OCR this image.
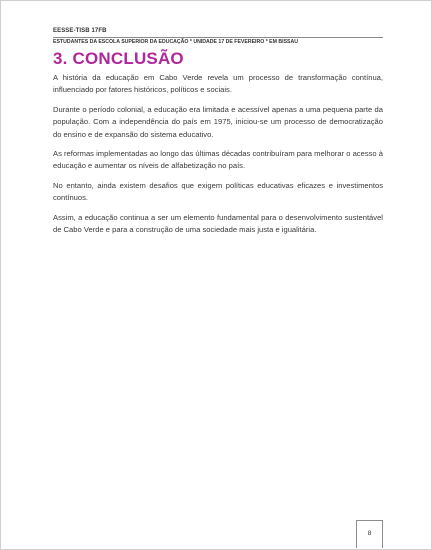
EESSE-TISB 17FB
ESTUDANTES DA ESCOLA SUPERIOR DA EDUCAÇÃO * UNIDADE 17 DE FEVEREIRO * EM BISSAU
3. CONCLUSÃO

A história da educação em Cabo Verde revela um processo de transformação contínua, influenciado por fatores históricos, políticos e sociais.

Durante o período colonial, a educação era limitada e acessível apenas a uma pequena parte da população. Com a independência do país em 1975, iniciou-se um processo de democratização do ensino e de expansão do sistema educativo.

As reformas implementadas ao longo das últimas décadas contribuíram para melhorar o acesso à educação e aumentar os níveis de alfabetização no país.

No entanto, ainda existem desafios que exigem políticas educativas eficazes e investimentos contínuos.

Assim, a educação continua a ser um elemento fundamental para o desenvolvimento sustentável de Cabo Verde e para a construção de uma sociedade mais justa e igualitária.

8
